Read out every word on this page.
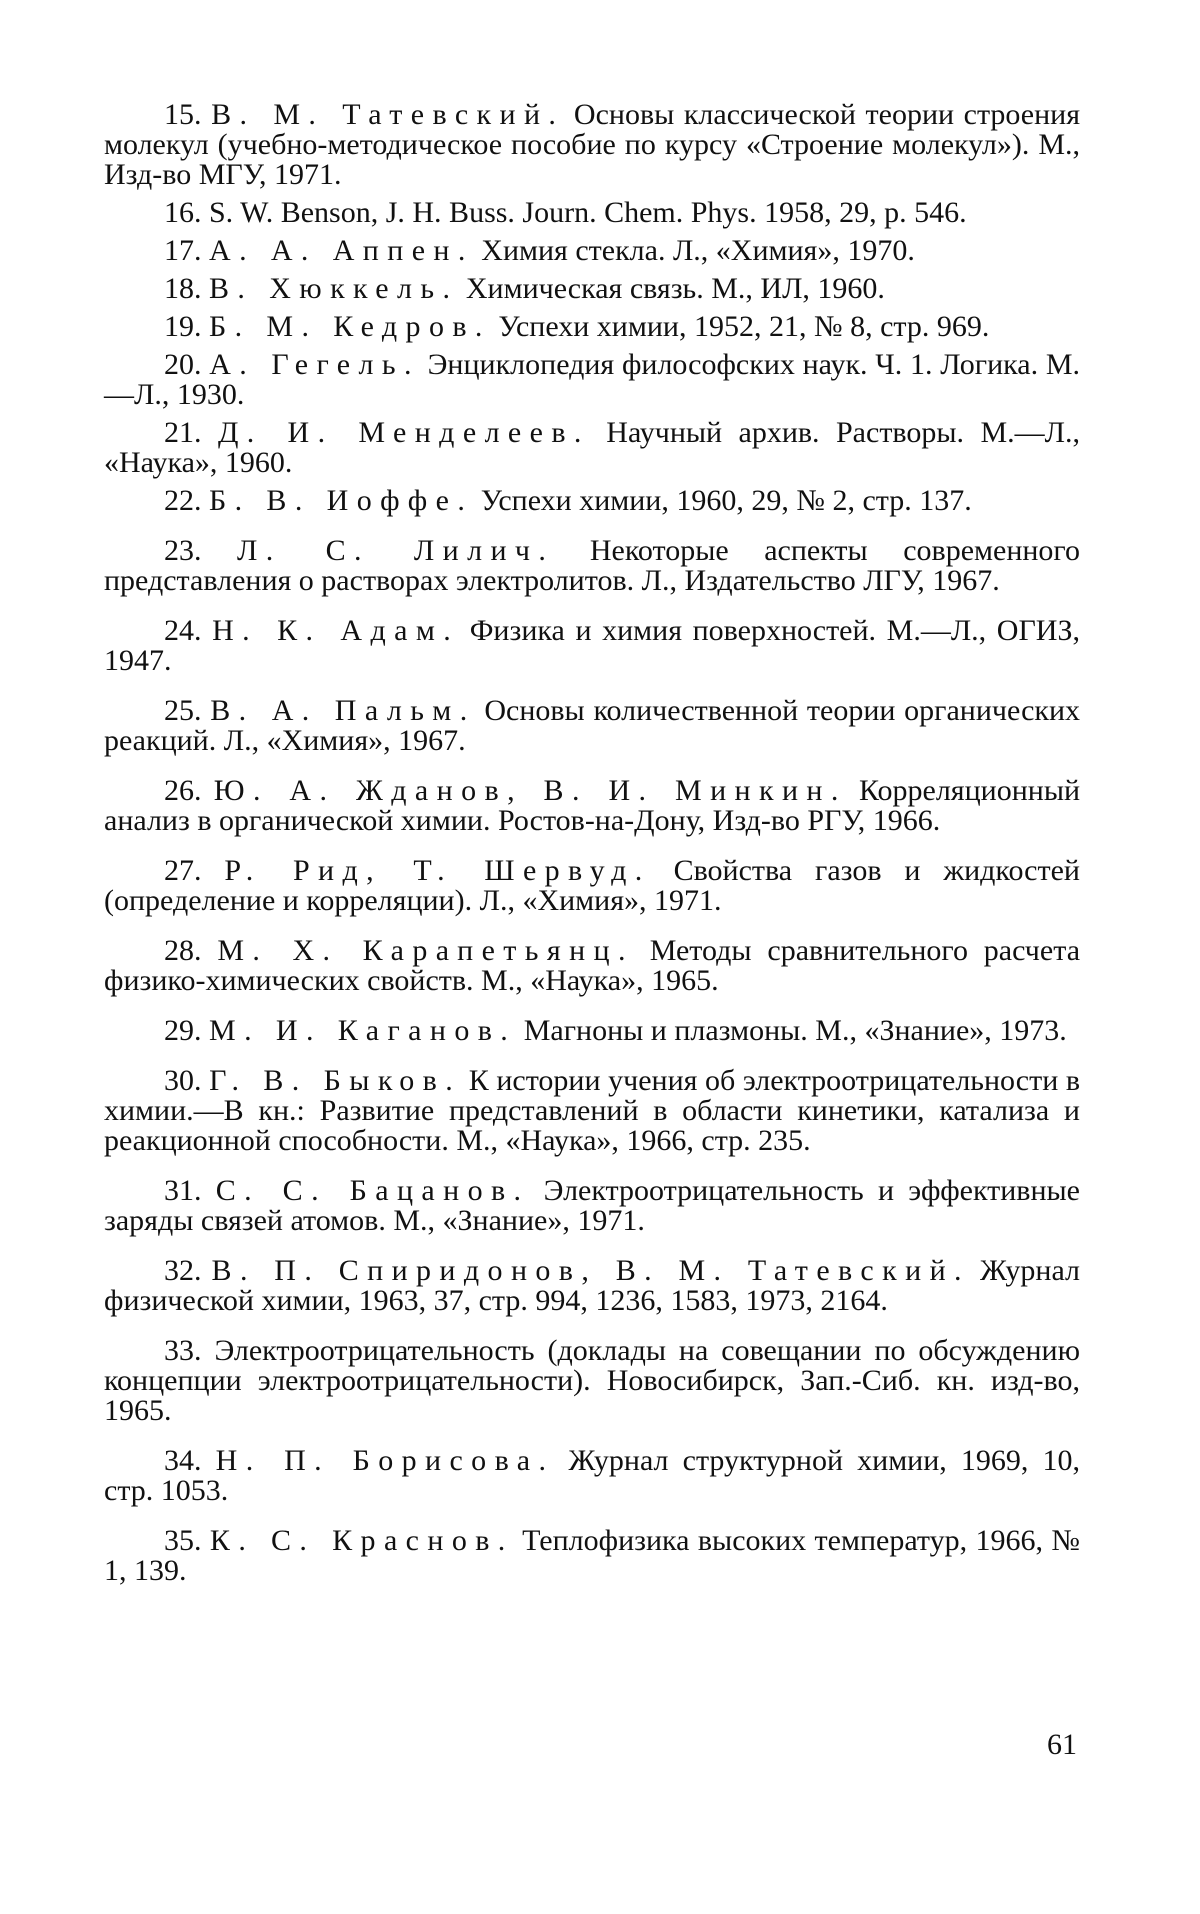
15. В. М. Татевский. Основы классической теории строения молекул (учебно-методическое пособие по курсу «Строение молекул»). М., Изд-во МГУ, 1971.

16. S. W. Benson, J. H. Buss. Journ. Chem. Phys. 1958, 29, p. 546.

17. А. А. Аппен. Химия стекла. Л., «Химия», 1970.

18. В. Хюккель. Химическая связь. М., ИЛ, 1960.

19. Б. М. Кедров. Успехи химии, 1952, 21, № 8, стр. 969.

20. А. Гегель. Энциклопедия философских наук. Ч. 1. Логика. М.—Л., 1930.

21. Д. И. Менделеев. Научный архив. Растворы. М.—Л., «Наука», 1960.

22. Б. В. Иоффе. Успехи химии, 1960, 29, № 2, стр. 137.

23. Л. С. Лилич. Некоторые аспекты современного представления о растворах электролитов. Л., Издательство ЛГУ, 1967.

24. Н. К. Адам. Физика и химия поверхностей. М.—Л., ОГИЗ, 1947.

25. В. А. Пальм. Основы количественной теории органических реакций. Л., «Химия», 1967.

26. Ю. А. Жданов, В. И. Минкин. Корреляционный анализ в органической химии. Ростов-на-Дону, Изд-во РГУ, 1966.

27. Р. Рид, Т. Шервуд. Свойства газов и жидкостей (определение и корреляции). Л., «Химия», 1971.

28. М. Х. Карапетьянц. Методы сравнительного расчета физико-химических свойств. М., «Наука», 1965.

29. М. И. Каганов. Магноны и плазмоны. М., «Знание», 1973.

30. Г. В. Быков. К истории учения об электроотрицательности в химии.—В кн.: Развитие представлений в области кинетики, катализа и реакционной способности. М., «Наука», 1966, стр. 235.

31. С. С. Бацанов. Электроотрицательность и эффективные заряды связей атомов. М., «Знание», 1971.

32. В. П. Спиридонов, В. М. Татевский. Журнал физической химии, 1963, 37, стр. 994, 1236, 1583, 1973, 2164.

33. Электроотрицательность (доклады на совещании по обсуждению концепции электроотрицательности). Новосибирск, Зап.-Сиб. кн. изд-во, 1965.

34. Н. П. Борисова. Журнал структурной химии, 1969, 10, стр. 1053.

35. К. С. Краснов. Теплофизика высоких температур, 1966, № 1, 139.

61
